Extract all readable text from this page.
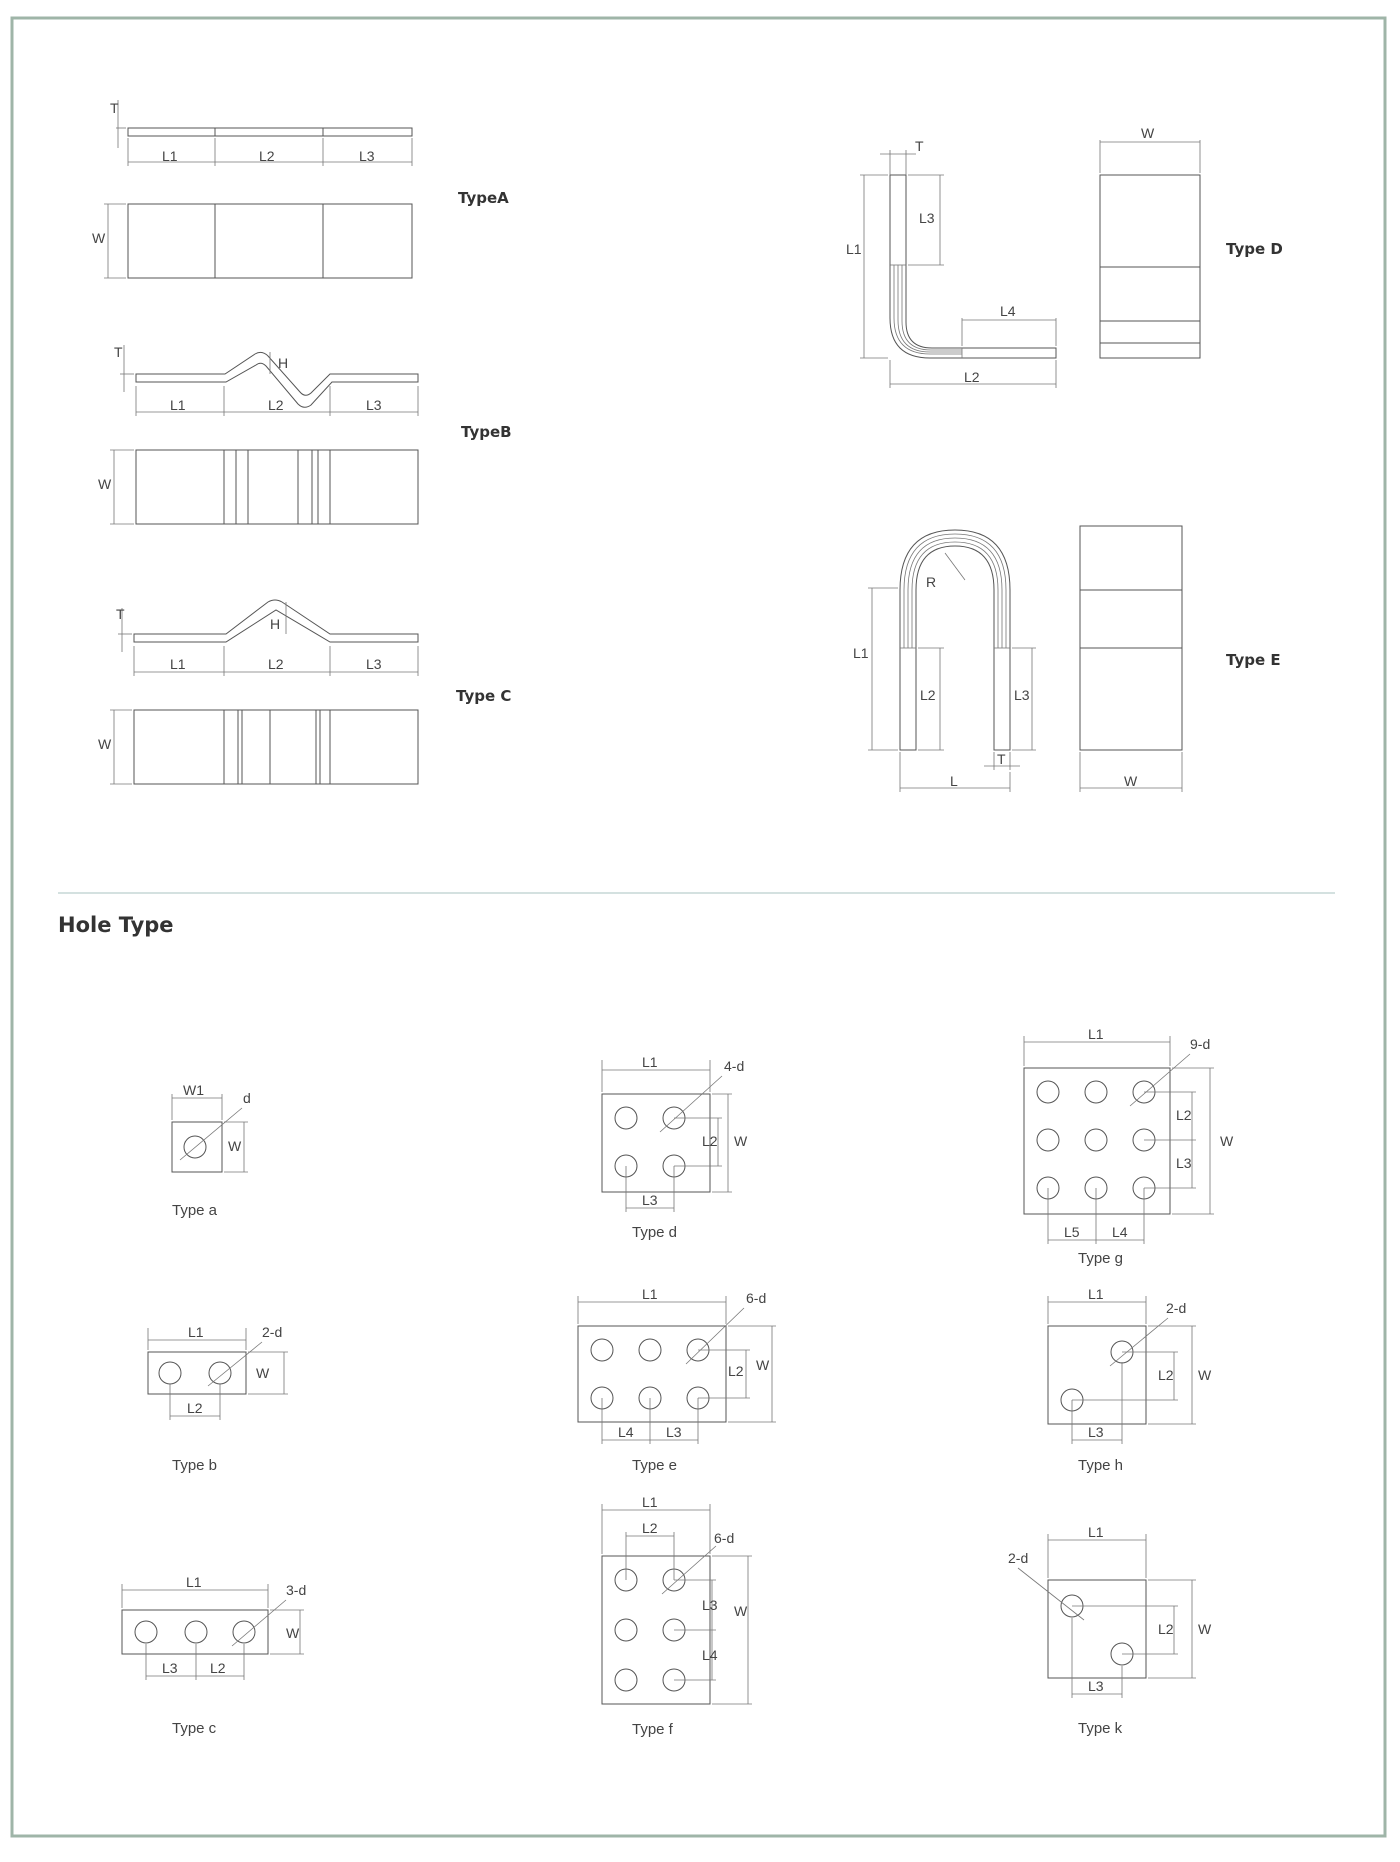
Hole Type
T
L1	L2	L3
W
TypeA
T
H
L1	L2	L3
W
TypeB
T
H
L1	L2	L3
W
Type C
T
L1
L3
L4
L2
W
Type D
R
L1
L2	L3
T
L	W
Type E
W1	d
W
Type a
L1	2-d
W
L2
Type b
L1	3-d
W
L3 L2
Type c
L1	4-d
L2 W
L3
Type d
L1	6-d
L2 W
L4 L3
Type e
L1
L2
6-d
L3
L4
W
Type f
L1
9-d
L2
L3
W
L5 L4
Type g
L1
2-d
L2 W
L3
Type h
L1
2-d
L2 W
L3
Type k
